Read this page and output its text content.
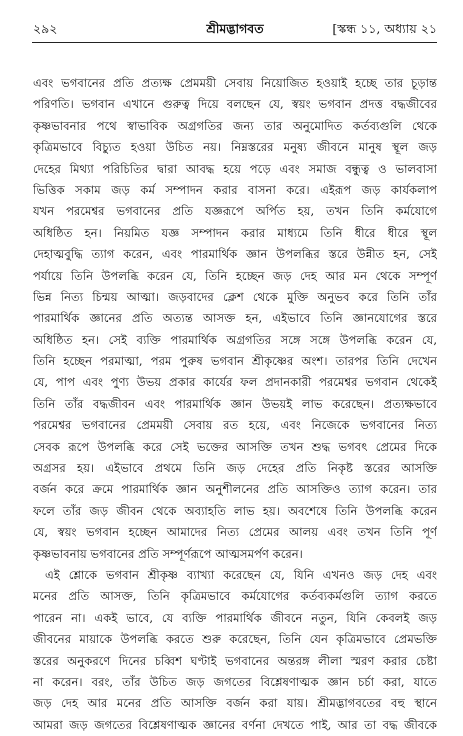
২৯২	শ্রীমদ্ভাগবত	[স্কন্ধ ১১, অধ্যায় ২১
এবং ভগবানের প্রতি প্রত্যক্ষ প্রেমময়ী সেবায় নিয়োজিত হওয়াই হচ্ছে তার চূড়ান্ত
পরিণতি। ভগবান এখানে গুরুত্ব দিয়ে বলছেন যে, স্বয়ং ভগবান প্রদত্ত বদ্ধজীবের
কৃষ্ণভাবনার পথে স্বাভাবিক অগ্রগতির জন্য তার অনুমোদিত কর্তব্যগুলি থেকে
কৃত্রিমভাবে বিচ্যুত হওয়া উচিত নয়। নিম্নস্তরের মনুষ্য জীবনে মানুষ স্থূল জড়
দেহের মিথ্যা পরিচিতির দ্বারা আবদ্ধ হয়ে পড়ে এবং সমাজ বন্ধুত্ব ও ভালবাসা
ভিত্তিক সকাম জড় কর্ম সম্পাদন করার বাসনা করে। এইরূপ জড় কার্যকলাপ
যখন পরমেশ্বর ভগবানের প্রতি যজ্ঞরূপে অর্পিত হয়, তখন তিনি কর্মযোগে
অধিষ্ঠিত হন। নিয়মিত যজ্ঞ সম্পাদন করার মাধ্যমে তিনি ধীরে ধীরে স্থূল
দেহাত্মবুদ্ধি ত্যাগ করেন, এবং পারমার্থিক জ্ঞান উপলব্ধির স্তরে উন্নীত হন, সেই
পর্যায়ে তিনি উপলব্ধি করেন যে, তিনি হচ্ছেন জড় দেহ আর মন থেকে সম্পূর্ণ
ভিন্ন নিত্য চিন্ময় আত্মা। জড়বাদের ক্লেশ থেকে মুক্তি অনুভব করে তিনি তাঁর
পারমার্থিক জ্ঞানের প্রতি অত্যন্ত আসক্ত হন, এইভাবে তিনি জ্ঞানযোগের স্তরে
অধিষ্ঠিত হন। সেই ব্যক্তি পারমার্থিক অগ্রগতির সঙ্গে সঙ্গে উপলব্ধি করেন যে,
তিনি হচ্ছেন পরমাত্মা, পরম পুরুষ ভগবান শ্রীকৃষ্ণের অংশ। তারপর তিনি দেখেন
যে, পাপ এবং পুণ্য উভয় প্রকার কার্যের ফল প্রদানকারী পরমেশ্বর ভগবান থেকেই
তিনি তাঁর বদ্ধজীবন এবং পারমার্থিক জ্ঞান উভয়ই লাভ করেছেন। প্রত্যক্ষভাবে
পরমেশ্বর ভগবানের প্রেমময়ী সেবায় রত হয়ে, এবং নিজেকে ভগবানের নিত্য
সেবক রূপে উপলব্ধি করে সেই ভক্তের আসক্তি তখন শুদ্ধ ভগবৎ প্রেমের দিকে
অগ্রসর হয়। এইভাবে প্রথমে তিনি জড় দেহের প্রতি নিকৃষ্ট স্তরের আসক্তি
বর্জন করে ক্রমে পারমার্থিক জ্ঞান অনুশীলনের প্রতি আসক্তিও ত্যাগ করেন। তার
ফলে তাঁর জড় জীবন থেকে অব্যাহতি লাভ হয়। অবশেষে তিনি উপলব্ধি করেন
যে, স্বয়ং ভগবান হচ্ছেন আমাদের নিত্য প্রেমের আলয় এবং তখন তিনি পূর্ণ
কৃষ্ণভাবনায় ভগবানের প্রতি সম্পূর্ণরূপে আত্মসমর্পণ করেন।
এই শ্লোকে ভগবান শ্রীকৃষ্ণ ব্যাখ্যা করেছেন যে, যিনি এখনও জড় দেহ এবং
মনের প্রতি আসক্ত, তিনি কৃত্রিমভাবে কর্মযোগের কর্তব্যকর্মগুলি ত্যাগ করতে
পারেন না। একই ভাবে, যে ব্যক্তি পারমার্থিক জীবনে নতুন, যিনি কেবলই জড়
জীবনের মায়াকে উপলব্ধি করতে শুরু করেছেন, তিনি যেন কৃত্রিমভাবে প্রেমভক্তি
স্তরের অনুকরণে দিনের চব্বিশ ঘণ্টাই ভগবানের অন্তরঙ্গ লীলা স্মরণ করার চেষ্টা
না করেন। বরং, তাঁর উচিত জড় জগতের বিশ্লেষণাত্মক জ্ঞান চর্চা করা, যাতে
জড় দেহ আর মনের প্রতি আসক্তি বর্জন করা যায়। শ্রীমদ্ভাগবতের বহু স্থানে
আমরা জড় জগতের বিশ্লেষণাত্মক জ্ঞানের বর্ণনা দেখতে পাই, আর তা বদ্ধ জীবকে
